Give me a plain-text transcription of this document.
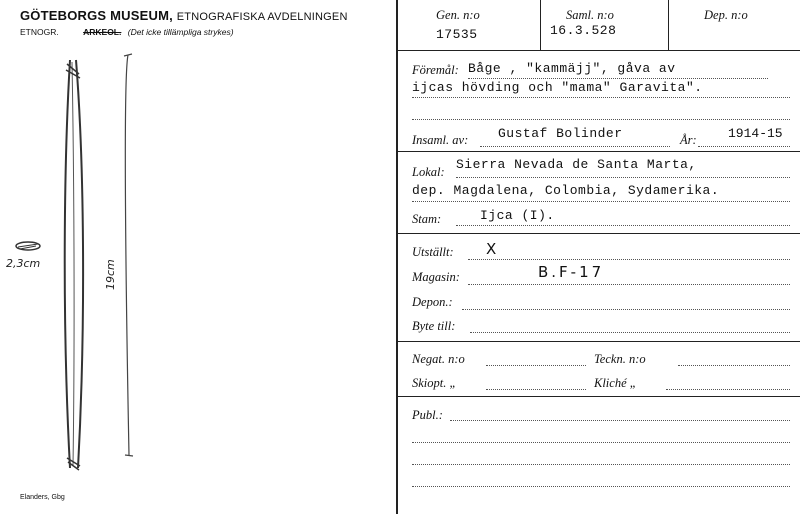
GÖTEBORGS MUSEUM, ETNOGRAFISKA AVDELNINGEN
ETNOGR.	ARKEOL. (Det icke tillämpliga strykes)
2,3cm	19cm
Elanders, Gbg
Gen. n:o
17535
Saml. n:o
16.3.528
Dep. n:o
Föremål: Båge , "kammäjj", gåva av
ijcas hövding och "mama" Garavita".
Insaml. av: Gustaf Bolinder	År: 1914-15
Lokal: Sierra Nevada de Santa Marta,
dep. Magdalena, Colombia, Sydamerika.
Stam:	Ijca (I).
Utställt: X
Magasin:	B.F-17
Depon.:
Byte till:
Negat. n:o	Teckn. n:o
Skiopt. „	Kliché „
Publ.:
